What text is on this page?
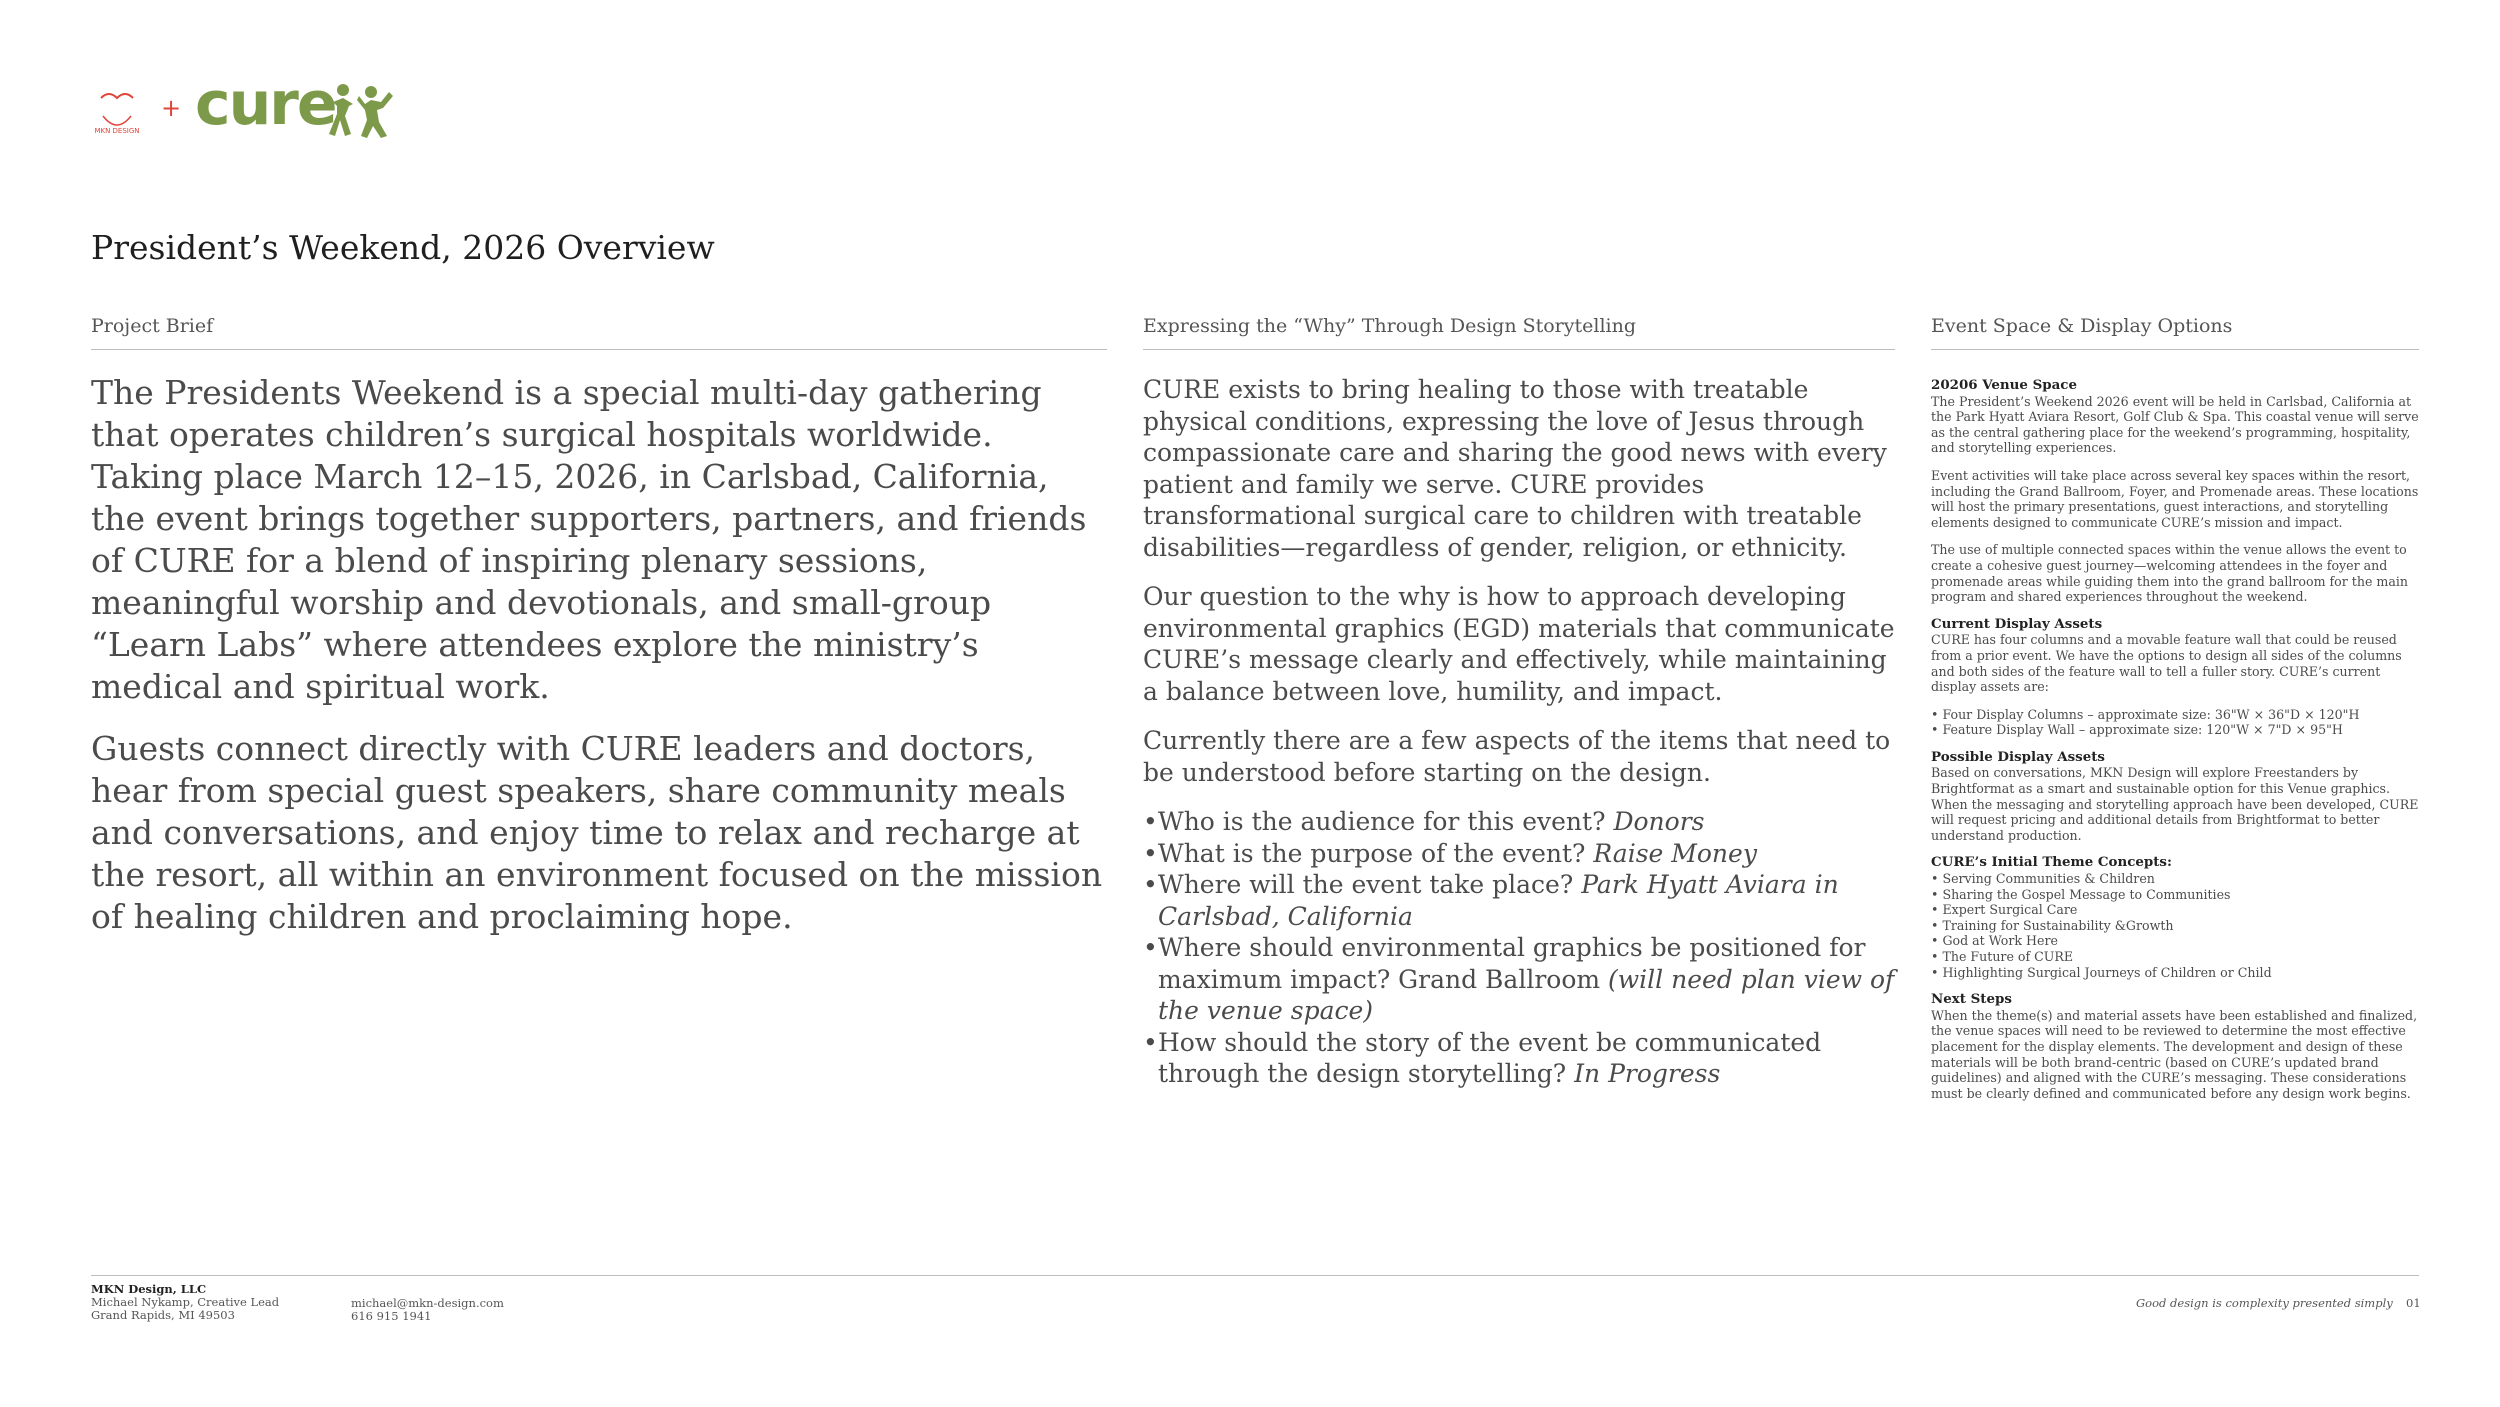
MKN DESIGN
+ cure
President’s Weekend, 2026 Overview
Project Brief	Expressing the “Why” Through Design Storytelling	Event Space & Display Options

The Presidents Weekend is a special multi-day gathering that operates children’s surgical hospitals worldwide. Taking place March 12–15, 2026, in Carlsbad, California, the event brings together supporters, partners, and friends of CURE for a blend of inspiring plenary sessions, meaningful worship and devotionals, and small-group “Learn Labs” where attendees explore the ministry’s medical and spiritual work.

Guests connect directly with CURE leaders and doctors, hear from special guest speakers, share community meals and conversations, and enjoy time to relax and recharge at the resort, all within an environment focused on the mission of healing children and proclaiming hope.

CURE exists to bring healing to those with treatable physical conditions, expressing the love of Jesus through compassionate care and sharing the good news with every patient and family we serve. CURE provides transformational surgical care to children with treatable disabilities—regardless of gender, religion, or ethnicity.

Our question to the why is how to approach developing environmental graphics (EGD) materials that communicate CURE’s message clearly and effectively, while maintaining a balance between love, humility, and impact.

Currently there are a few aspects of the items that need to be understood before starting on the design.

• Who is the audience for this event? Donors
• What is the purpose of the event? Raise Money
• Where will the event take place? Park Hyatt Aviara in Carlsbad, California
• Where should environmental graphics be positioned for maximum impact? Grand Ballroom (will need plan view of the venue space)
• How should the story of the event be communicated through the design storytelling? In Progress
20206 Venue Space

The President’s Weekend 2026 event will be held in Carlsbad, California at the Park Hyatt Aviara Resort, Golf Club & Spa. This coastal venue will serve as the central gathering place for the weekend’s programming, hospitality, and storytelling experiences.

Event activities will take place across several key spaces within the resort, including the Grand Ballroom, Foyer, and Promenade areas. These locations will host the primary presentations, guest interactions, and storytelling elements designed to communicate CURE’s mission and impact.

The use of multiple connected spaces within the venue allows the event to create a cohesive guest journey—welcoming attendees in the foyer and promenade areas while guiding them into the grand ballroom for the main program and shared experiences throughout the weekend.

Current Display Assets

CURE has four columns and a movable feature wall that could be reused from a prior event. We have the options to design all sides of the columns and both sides of the feature wall to tell a fuller story. CURE’s current display assets are:

• Four Display Columns – approximate size: 36"W × 36"D × 120"H
• Feature Display Wall – approximate size: 120"W × 7"D × 95"H
Possible Display Assets

Based on conversations, MKN Design will explore Freestanders by Brightformat as a smart and sustainable option for this Venue graphics. When the messaging and storytelling approach have been developed, CURE will request pricing and additional details from Brightformat to better understand production.

CURE’s Initial Theme Concepts:
• Serving Communities & Children
• Sharing the Gospel Message to Communities
• Expert Surgical Care
• Training for Sustainability &Growth
• God at Work Here
• The Future of CURE
• Highlighting Surgical Journeys of Children or Child
Next Steps

When the theme(s) and material assets have been established and finalized, the venue spaces will need to be reviewed to determine the most effective placement for the display elements. The development and design of these materials will be both brand-centric (based on CURE’s updated brand guidelines) and aligned with the CURE’s messaging. These considerations must be clearly defined and communicated before any design work begins.

MKN Design, LLC
Michael Nykamp, Creative Lead
Grand Rapids, MI 49503
michael@mkn-design.com
616 915 1941
Good design is complexity presented simply 01
